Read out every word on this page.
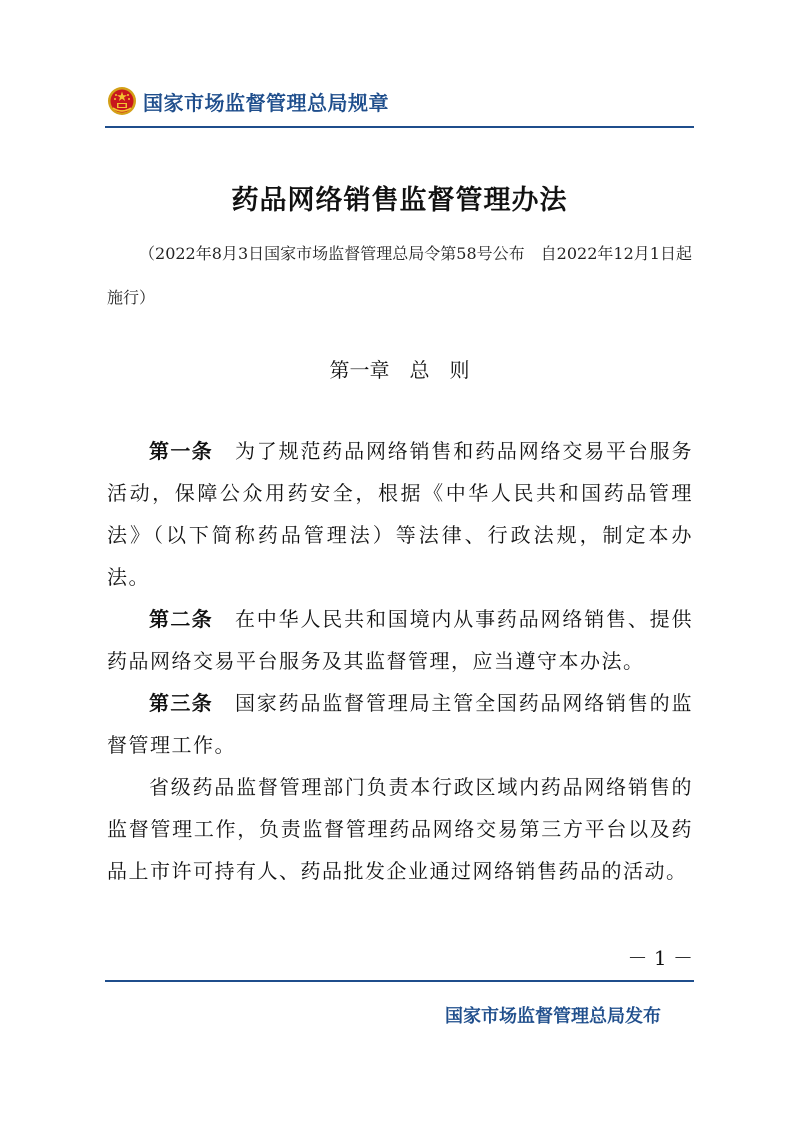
国家市场监督管理总局规章
药品网络销售监督管理办法
（2022年8月3日国家市场监督管理总局令第58号公布　自2022年12月1日起施行）
第一章　总　则

第一条 为了规范药品网络销售和药品网络交易平台服务活动，保障公众用药安全，根据《中华人民共和国药品管理法》（以下简称药品管理法）等法律、行政法规，制定本办法。

第二条 在中华人民共和国境内从事药品网络销售、提供药品网络交易平台服务及其监督管理，应当遵守本办法。

第三条 国家药品监督管理局主管全国药品网络销售的监督管理工作。

省级药品监督管理部门负责本行政区域内药品网络销售的监督管理工作，负责监督管理药品网络交易第三方平台以及药品上市许可持有人、药品批发企业通过网络销售药品的活动。

－ 1 －
国家市场监督管理总局发布
